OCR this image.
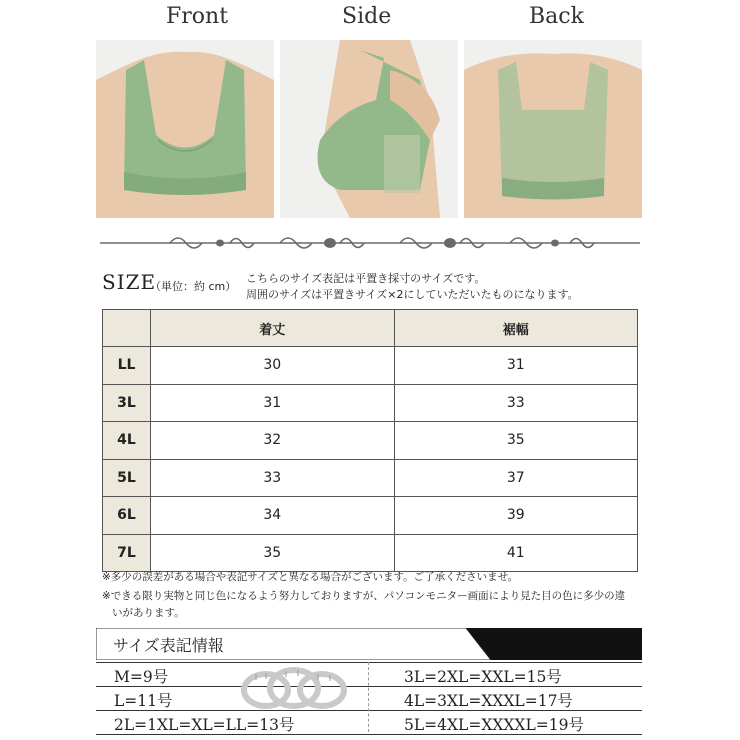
Front	Side	Back
SIZE
（単位：約 cm）
こちらのサイズ表記は平置き採寸のサイズです。
周囲のサイズは平置きサイズ×2にしていただいたものになります。
	着丈	裾幅
LL	30	31
3L	31	33
4L	32	35
5L	33	37
6L	34	39
7L	35	41
※多少の誤差がある場合や表記サイズと異なる場合がございます。ご了承くださいませ。
※できる限り実物と同じ色になるよう努力しておりますが、パソコンモニター画面により見た目の色に多少の違
いがあります。
サイズ表記情報
M=9号
L=11号
2L=1XL=XL=LL=13号
3L=2XL=XXL=15号
4L=3XL=XXXL=17号
5L=4XL=XXXXL=19号
